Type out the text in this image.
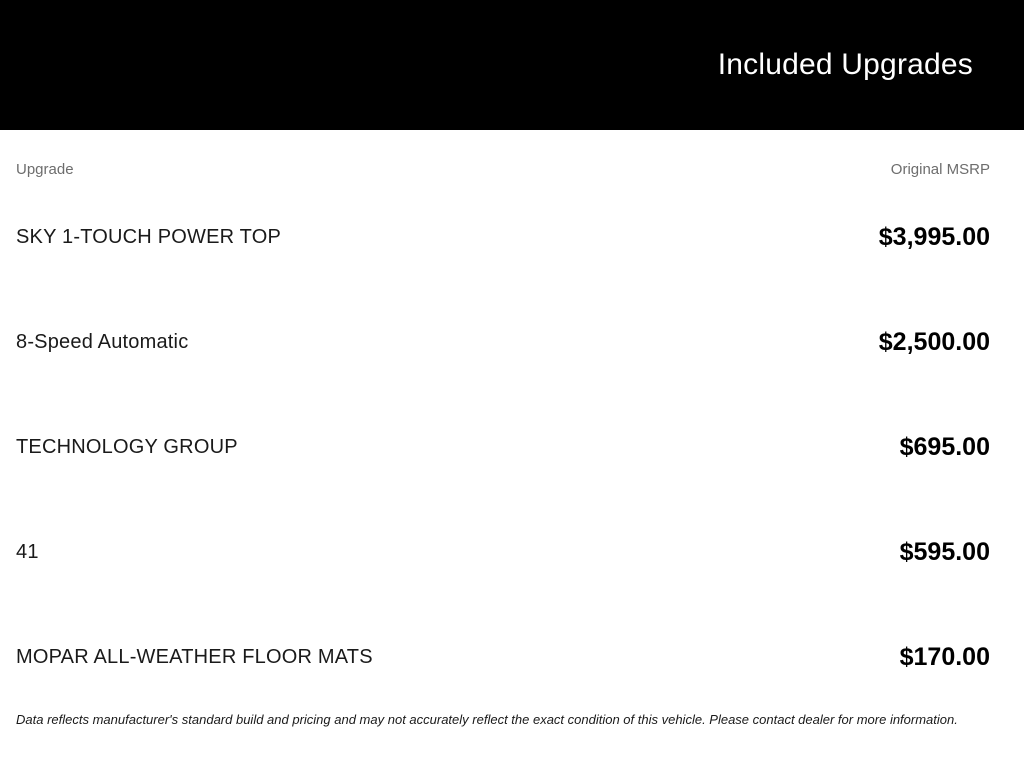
Included Upgrades
Upgrade	Original MSRP
SKY 1-TOUCH POWER TOP	$3,995.00
8-Speed Automatic	$2,500.00
TECHNOLOGY GROUP	$695.00
41	$595.00
MOPAR ALL-WEATHER FLOOR MATS	$170.00
Data reflects manufacturer's standard build and pricing and may not accurately reflect the exact condition of this vehicle. Please contact dealer for more information.
